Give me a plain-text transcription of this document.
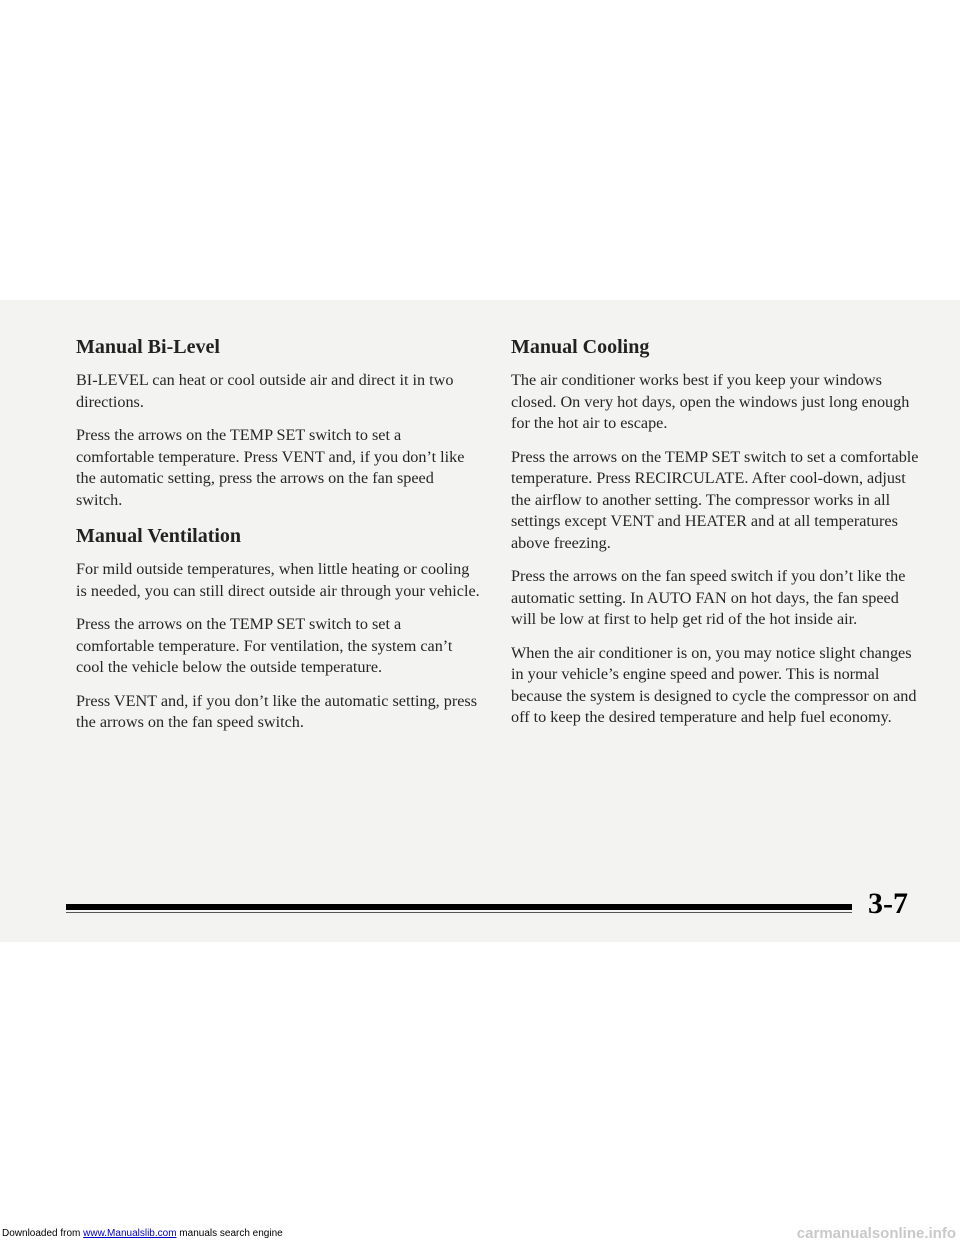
Manual Bi-Level

BI-LEVEL can heat or cool outside air and direct it in two directions.

Press the arrows on the TEMP SET switch to set a comfortable temperature. Press VENT and, if you don’t like the automatic setting, press the arrows on the fan speed switch.

Manual Ventilation

For mild outside temperatures, when little heating or cooling is needed, you can still direct outside air through your vehicle.

Press the arrows on the TEMP SET switch to set a comfortable temperature. For ventilation, the system can’t cool the vehicle below the outside temperature.

Press VENT and, if you don’t like the automatic setting, press the arrows on the fan speed switch.

Manual Cooling

The air conditioner works best if you keep your windows closed. On very hot days, open the windows just long enough for the hot air to escape.

Press the arrows on the TEMP SET switch to set a comfortable temperature. Press RECIRCULATE. After cool-down, adjust the airflow to another setting. The compressor works in all settings except VENT and HEATER and at all temperatures above freezing.

Press the arrows on the fan speed switch if you don’t like the automatic setting. In AUTO FAN on hot days, the fan speed will be low at first to help get rid of the hot inside air.

When the air conditioner is on, you may notice slight changes in your vehicle’s engine speed and power. This is normal because the system is designed to cycle the compressor on and off to keep the desired temperature and help fuel economy.

3-7
Downloaded from www.Manualslib.com manuals search engine	carmanualsonline.info
